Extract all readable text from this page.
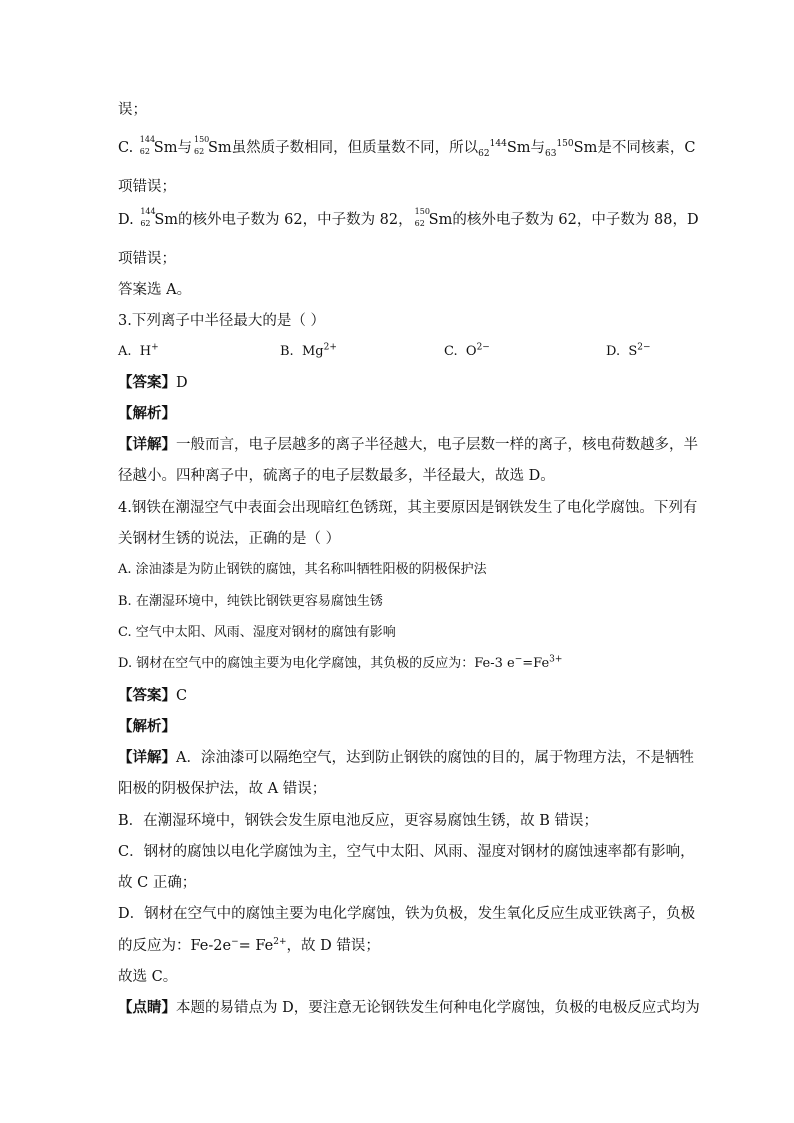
误；
C.
144
62 Sm与
150
62 Sm虽然质子数相同，但质量数不同，所以$_{62}^{144}$Sm与$_{63}^{150}$Sm是不同核素，C
项错误；
D.
144
62 Sm的核外电子数为 62，中子数为 82，
150
62 Sm的核外电子数为 62，中子数为 88，D
项错误；
答案选 A。
3.下列离子中半径最大的是（ ）
A. H+	B. $Mg^{2+}$	C. $O^{2-}$	D. $S^{2-}$
【答案】D
【解析】
【详解】一般而言，电子层越多的离子半径越大，电子层数一样的离子，核电荷数越多，半
径越小。四种离子中，硫离子的电子层数最多，半径最大，故选 D。
4.钢铁在潮湿空气中表面会出现暗红色锈斑，其主要原因是钢铁发生了电化学腐蚀。下列有
关钢材生锈的说法，正确的是（ ）
A. 涂油漆是为防止钢铁的腐蚀，其名称叫牺牲阳极的阴极保护法
B. 在潮湿环境中，纯铁比钢铁更容易腐蚀生锈
C. 空气中太阳、风雨、湿度对钢材的腐蚀有影响
D. 钢材在空气中的腐蚀主要为电化学腐蚀，其负极的反应为：Fe-3 $e^-=Fe^{3+}$
【答案】C
【解析】
【详解】A．涂油漆可以隔绝空气，达到防止钢铁的腐蚀的目的，属于物理方法，不是牺牲
阳极的阴极保护法，故 A 错误；
B．在潮湿环境中，钢铁会发生原电池反应，更容易腐蚀生锈，故 B 错误；
C．钢材的腐蚀以电化学腐蚀为主，空气中太阳、风雨、湿度对钢材的腐蚀速率都有影响，
故 C 正确；
D．钢材在空气中的腐蚀主要为电化学腐蚀，铁为负极，发生氧化反应生成亚铁离子，负极
的反应为：$Fe-2e^-= Fe^{2+}$，故 D 错误；
故选 C。
【点睛】本题的易错点为 D，要注意无论钢铁发生何种电化学腐蚀，负极的电极反应式均为
